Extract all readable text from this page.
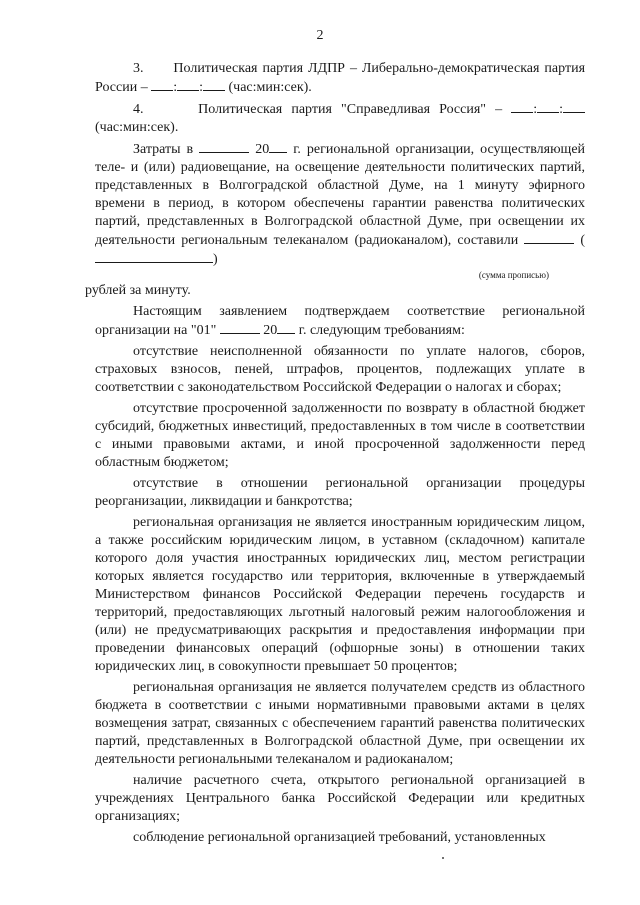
2

3. Политическая партия ЛДПР – Либерально-демократическая партия России – : : (час:мин:сек).

4.	Политическая партия "Справедливая Россия" – : : (час:мин:сек).

Затраты в	20 г. региональной организации, осуществляющей теле- и (или) радиовещание, на освещение деятельности политических партий, представленных в Волгоградской областной Думе, на 1 минуту эфирного времени в период, в котором обеспечены гарантии равенства политических партий, представленных в Волгоградской областной Думе, при освещении их деятельности региональным телеканалом (радиоканалом), составили	()

(сумма прописью)

рублей за минуту.

Настоящим заявлением подтверждаем соответствие региональной организации на "01"	20 г. следующим требованиям:

отсутствие неисполненной обязанности по уплате налогов, сборов, страховых взносов, пеней, штрафов, процентов, подлежащих уплате в соответствии с законодательством Российской Федерации о налогах и сборах;

отсутствие просроченной задолженности по возврату в областной бюджет субсидий, бюджетных инвестиций, предоставленных в том числе в соответствии с иными правовыми актами, и иной просроченной задолженности перед областным бюджетом;

отсутствие в отношении региональной организации процедуры реорганизации, ликвидации и банкротства;

региональная организация не является иностранным юридическим лицом, а также российским юридическим лицом, в уставном (складочном) капитале которого доля участия иностранных юридических лиц, местом регистрации которых является государство или территория, включенные в утверждаемый Министерством финансов Российской Федерации перечень государств и территорий, предоставляющих льготный налоговый режим налогообложения и (или) не предусматривающих раскрытия и предоставления информации при проведении финансовых операций (офшорные зоны) в отношении таких юридических лиц, в совокупности превышает 50 процентов;

региональная организация не является получателем средств из областного бюджета в соответствии с иными нормативными правовыми актами в целях возмещения затрат, связанных с обеспечением гарантий равенства политических партий, представленных в Волгоградской областной Думе, при освещении их деятельности региональными телеканалом и радиоканалом;

наличие расчетного счета, открытого региональной организацией в учреждениях Центрального банка Российской Федерации или кредитных организациях;

соблюдение региональной организацией требований, установленных
